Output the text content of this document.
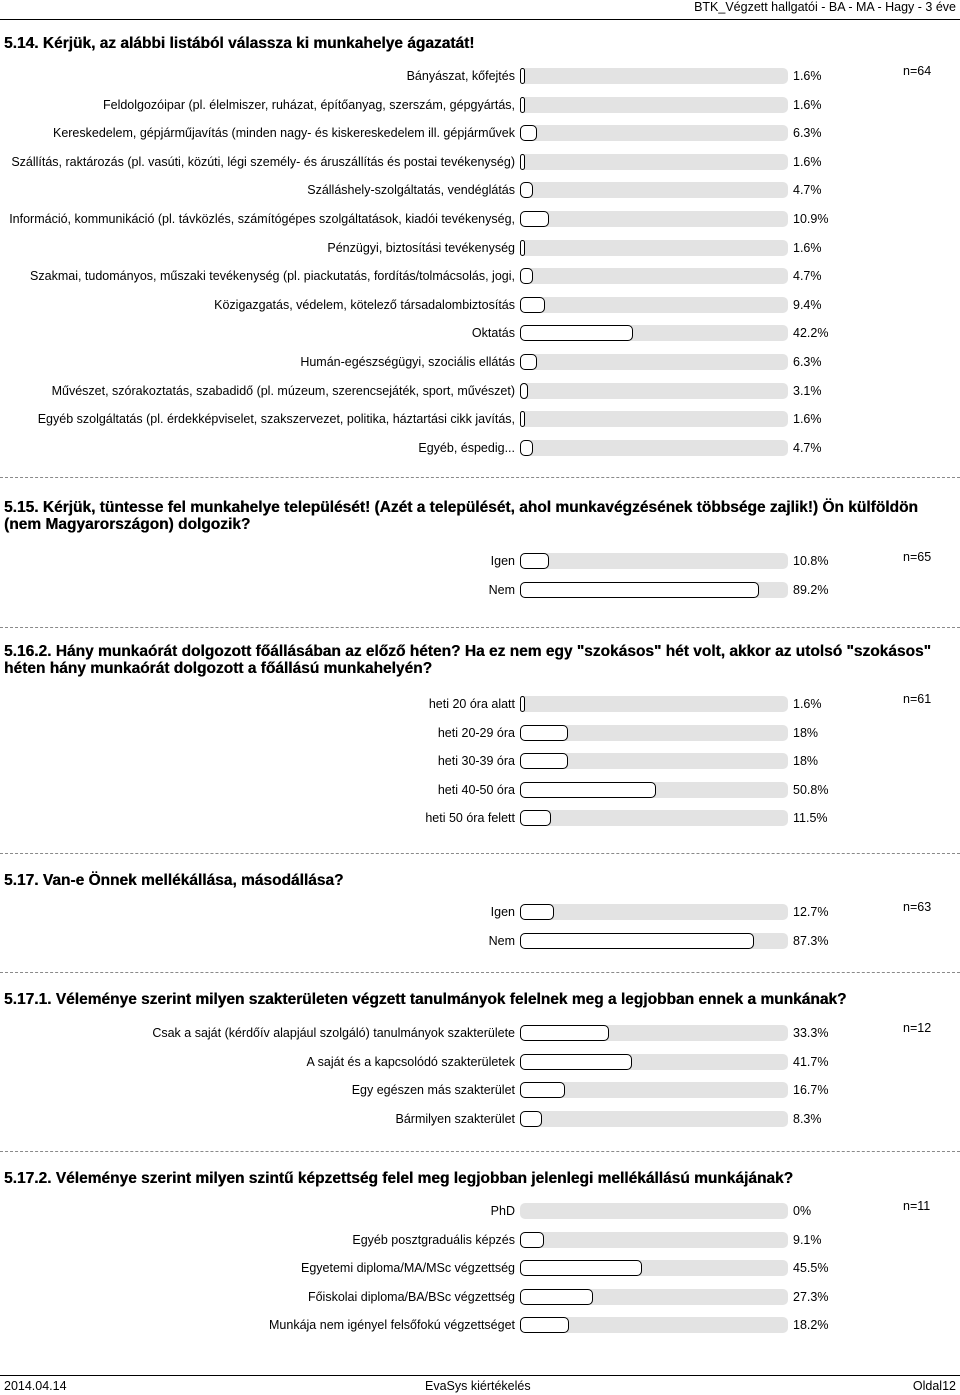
BTK_Végzett hallgatói - BA - MA - Hagy - 3 éve
5.14. Kérjük, az alábbi listából válassza ki munkahelye ágazatát!
n=64
Bányászat, kőfejtés	1.6%
Feldolgozóipar (pl. élelmiszer, ruházat, építőanyag, szerszám, gépgyártás,	1.6%
Kereskedelem, gépjárműjavítás (minden nagy- és kiskereskedelem ill. gépjárművek	6.3%
Szállítás, raktározás (pl. vasúti, közúti, légi személy- és áruszállítás és postai tevékenység)	1.6%
Szálláshely-szolgáltatás, vendéglátás	4.7%
Információ, kommunikáció (pl. távközlés, számítógépes szolgáltatások, kiadói tevékenység,	10.9%
Pénzügyi, biztosítási tevékenység	1.6%
Szakmai, tudományos, műszaki tevékenység (pl. piackutatás, fordítás/tolmácsolás, jogi,	4.7%
Közigazgatás, védelem, kötelező társadalombiztosítás	9.4%
Oktatás	42.2%
Humán-egészségügyi, szociális ellátás	6.3%
Művészet, szórakoztatás, szabadidő (pl. múzeum, szerencsejáték, sport, művészet)	3.1%
Egyéb szolgáltatás (pl. érdekképviselet, szakszervezet, politika, háztartási cikk javítás,	1.6%
Egyéb, éspedig...	4.7%
5.15. Kérjük, tüntesse fel munkahelye települését! (Azét a települését, ahol munkavégzésének többsége zajlik!) Ön külföldön (nem Magyarországon) dolgozik?
n=65
Igen	10.8%
Nem	89.2%
5.16.2. Hány munkaórát dolgozott főállásában az előző héten? Ha ez nem egy "szokásos" hét volt, akkor az utolsó "szokásos" héten hány munkaórát dolgozott a főállású munkahelyén?
n=61
heti 20 óra alatt	1.6%
heti 20-29 óra	18%
heti 30-39 óra	18%
heti 40-50 óra	50.8%
heti 50 óra felett	11.5%
5.17. Van-e Önnek mellékállása, másodállása?
n=63
Igen	12.7%
Nem	87.3%
5.17.1. Véleménye szerint milyen szakterületen végzett tanulmányok felelnek meg a legjobban ennek a munkának?
n=12
Csak a saját (kérdőív alapjául szolgáló) tanulmányok szakterülete	33.3%
A saját és a kapcsolódó szakterületek	41.7%
Egy egészen más szakterület	16.7%
Bármilyen szakterület	8.3%
5.17.2. Véleménye szerint milyen szintű képzettség felel meg legjobban jelenlegi mellékállású munkájának?
n=11
PhD	0%
Egyéb posztgraduális képzés	9.1%
Egyetemi diploma/MA/MSc végzettség	45.5%
Főiskolai diploma/BA/BSc végzettség	27.3%
Munkája nem igényel felsőfokú végzettséget	18.2%
2014.04.14	EvaSys kiértékelés	Oldal12
